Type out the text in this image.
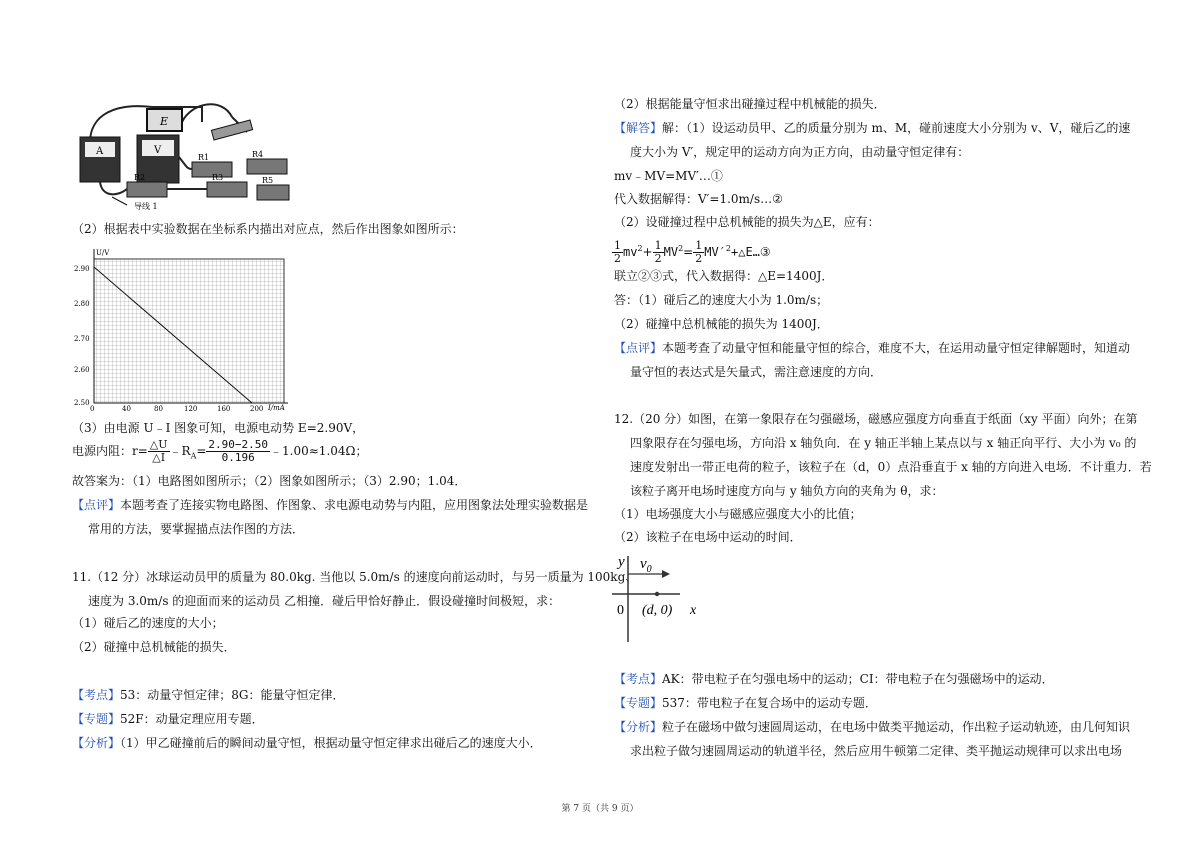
E
A	V
R1	R4
R2	R3	R5
导线 1
（2）根据表中实验数据在坐标系内描出对应点，然后作出图象如图所示：
U/V
I/mA
2.90
2.80
2.70
2.60
2.50
0	40	80	120	160	200
（3）由电源 U﹣I 图象可知，电源电动势 E=2.90V，
电源内阻：$r= \frac{\triangle U}{\triangle I}$ $﹣R_A= \frac{2.90-2.50}{0.196}$ ﹣1.00≈1.04Ω；
故答案为：（1）电路图如图所示；（2）图象如图所示；（3）2.90；1.04．
【点评】本题考查了连接实物电路图、作图象、求电源电动势与内阻，应用图象法处理实验数据是
常用的方法，要掌握描点法作图的方法．
11.（12 分）冰球运动员甲的质量为 80.0kg. 当他以 5.0m/s 的速度向前运动时，与另一质量为 100kg、
速度为 3.0m/s 的迎面而来的运动员 乙相撞．碰后甲恰好静止．假设碰撞时间极短，求：
（1）碰后乙的速度的大小；
（2）碰撞中总机械能的损失．
【考点】53：动量守恒定律；8G：能量守恒定律．
【专题】52F：动量定理应用专题．
【分析】（1）甲乙碰撞前后的瞬间动量守恒，根据动量守恒定律求出碰后乙的速度大小．
（2）根据能量守恒求出碰撞过程中机械能的损失．
【解答】解：（1）设运动员甲、乙的质量分别为 m、M，碰前速度大小分别为 v、V，碰后乙的速
度大小为 V′，规定甲的运动方向为正方向，由动量守恒定律有：
mv﹣MV=MV′…①
代入数据解得：V′=1.0m/s…②
（2）设碰撞过程中总机械能的损失为△E，应有：
$\frac{1}{2} mv^2+ \frac{1}{2} MV^2= \frac{1}{2}$ $MV'^2+\triangle E\dots ③$
联立②③式，代入数据得：△E=1400J．
答：（1）碰后乙的速度大小为 1.0m/s；
（2）碰撞中总机械能的损失为 1400J．
【点评】本题考查了动量守恒和能量守恒的综合，难度不大，在运用动量守恒定律解题时，知道动
量守恒的表达式是矢量式，需注意速度的方向．
12.（20 分）如图，在第一象限存在匀强磁场，磁感应强度方向垂直于纸面（xy 平面）向外；在第
四象限存在匀强电场，方向沿 x 轴负向．在 y 轴正半轴上某点以与 x 轴正向平行、大小为 v₀ 的
速度发射出一带正电荷的粒子，该粒子在（d，0）点沿垂直于 x 轴的方向进入电场．不计重力．若
该粒子离开电场时速度方向与 y 轴负方向的夹角为 θ，求：
（1）电场强度大小与磁感应强度大小的比值；
（2）该粒子在电场中运动的时间．
y $v_0$
0 (d, 0) x
【考点】AK：带电粒子在匀强电场中的运动；CI：带电粒子在匀强磁场中的运动．
【专题】537：带电粒子在复合场中的运动专题．
【分析】粒子在磁场中做匀速圆周运动，在电场中做类平抛运动，作出粒子运动轨迹，由几何知识
求出粒子做匀速圆周运动的轨道半径，然后应用牛顿第二定律、类平抛运动规律可以求出电场
第 7 页（共 9 页）
